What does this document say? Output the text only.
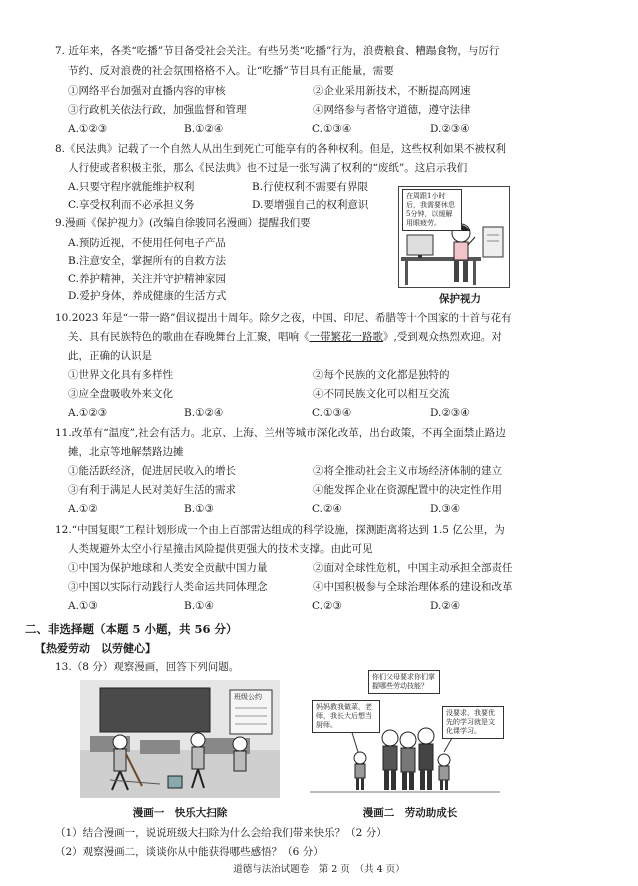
7. 近年来，各类“吃播”节目备受社会关注。有些另类“吃播”行为，浪费粮食、糟蹋食物，与厉行
节约、反对浪费的社会氛围格格不入。让“吃播”节目具有正能量，需要
①网络平台加强对直播内容的审核	②企业采用新技术，不断提高网速
③行政机关依法行政，加强监督和管理	④网络参与者恪守道德，遵守法律
A.①②③	B.①②④	C.①③④	D.②③④
8.《民法典》记载了一个自然人从出生到死亡可能享有的各种权利。但是，这些权利如果不被权利
人行使或者积极主张，那么《民法典》也不过是一张写满了权利的“废纸”。这启示我们
A.只要守程序就能维护权利	B.行使权利不需要有界限
C.享受权利而不必承担义务	D.要增强自己的权利意识
9.漫画《保护视力》(改编自徐骏同名漫画）提醒我们要
A.预防近视，不使用任何电子产品
B.注意安全，掌握所有的自救方法
C.养护精神，关注并守护精神家园
D.爱护身体，养成健康的生活方式
在周跟1小时后，我需要休息5分钟，以缓解用眼疲劳。
保护视力
10.2023 年是“一带一路”倡议提出十周年。除夕之夜，中国、印尼、希腊等十个国家的十首与花有
关、具有民族特色的歌曲在春晚舞台上汇聚，唱响《一带繁花一路歌》,受到观众热烈欢迎。对
此，正确的认识是
①世界文化具有多样性	②每个民族的文化都是独特的
③应全盘吸收外来文化	④不同民族文化可以相互交流
A.①②③	B.①②④	C.①③④	D.②③④
11.改革有“温度”,社会有活力。北京、上海、兰州等城市深化改革，出台政策，不再全面禁止路边
摊，北京等地解禁路边摊
①能活跃经济，促进居民收入的增长	②将全推动社会主义市场经济体制的建立
③有利于满足人民对美好生活的需求	④能发挥企业在资源配置中的决定性作用
A.①②	B.①③	C.②④	D.③④
12.“中国复眼”工程计划形成一个由上百部雷达组成的科学设施，探测距离将达到 1.5 亿公里，为
人类规避外太空小行星撞击风险提供更强大的技术支撑。由此可见
①中国为保护地球和人类安全贡献中国力量	②面对全球性危机，中国主动承担全部责任
③中国以实际行动践行人类命运共同体理念	④中国积极参与全球治理体系的建设和改革
A.①③	B.①④	C.②③	D.②④
二、非选择题（本题 5 小题，共 56 分）
【热爱劳动　以劳健心】
13.（8 分）观察漫画，回答下列问题。
班级公约
漫画一　快乐大扫除
你们父母要求你们掌握哪些劳动技能？
妈妈教我做菜，老师，我长大后想当厨师。
没要求，我要优先的学习就是文化课学习。
漫画二　劳动助成长
（1）结合漫画一，说说班级大扫除为什么会给我们带来快乐？（2 分）
（2）观察漫画二，谈谈你从中能获得哪些感悟？（6 分）
道德与法治试题卷　第 2 页　（共 4 页）
